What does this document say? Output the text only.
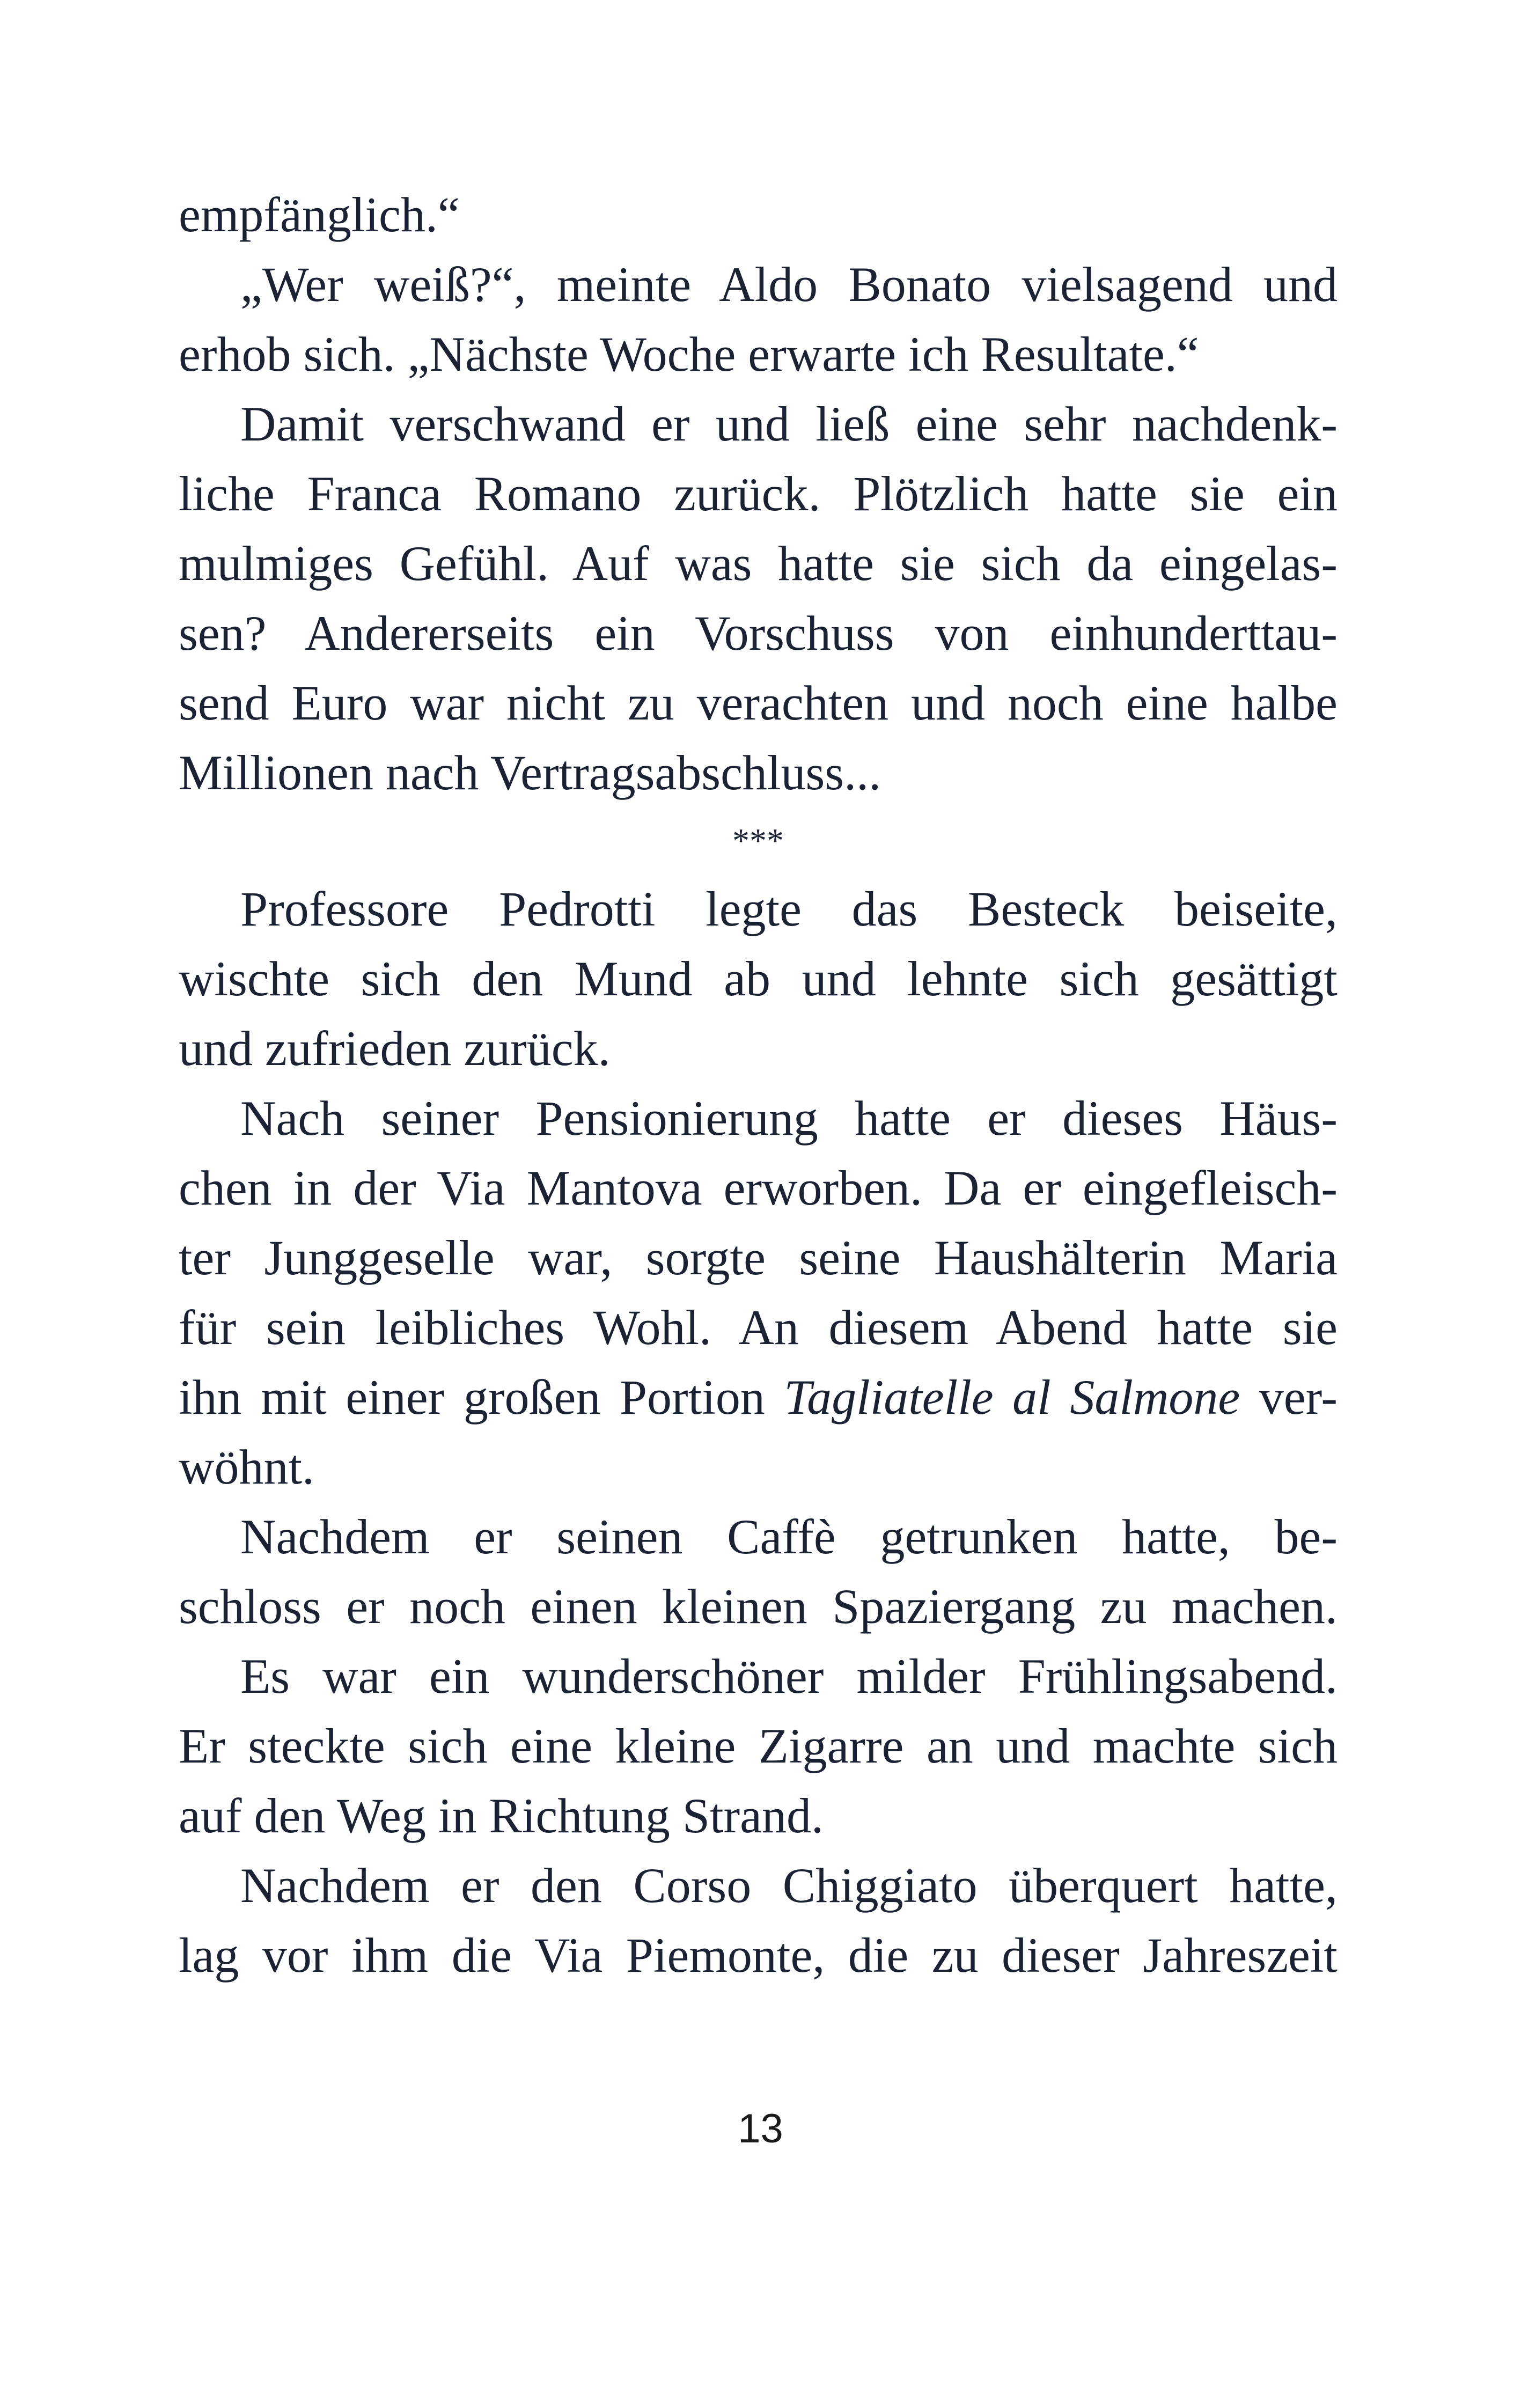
empfänglich.“
„Wer weiß?“, meinte Aldo Bonato vielsagend und
erhob sich. „Nächste Woche erwarte ich Resultate.“
Damit verschwand er und ließ eine sehr nachdenk-
liche Franca Romano zurück. Plötzlich hatte sie ein
mulmiges Gefühl. Auf was hatte sie sich da eingelas-
sen? Andererseits ein Vorschuss von einhunderttau-
send Euro war nicht zu verachten und noch eine halbe
Millionen nach Vertragsabschluss...
***
Professore Pedrotti legte das Besteck beiseite,
wischte sich den Mund ab und lehnte sich gesättigt
und zufrieden zurück.
Nach seiner Pensionierung hatte er dieses Häus-
chen in der Via Mantova erworben. Da er eingefleisch-
ter Junggeselle war, sorgte seine Haushälterin Maria
für sein leibliches Wohl. An diesem Abend hatte sie
ihn mit einer großen Portion Tagliatelle al Salmone ver-
wöhnt.
Nachdem er seinen Caffè getrunken hatte, be-
schloss er noch einen kleinen Spaziergang zu machen.
Es war ein wunderschöner milder Frühlingsabend.
Er steckte sich eine kleine Zigarre an und machte sich
auf den Weg in Richtung Strand.
Nachdem er den Corso Chiggiato überquert hatte,
lag vor ihm die Via Piemonte, die zu dieser Jahreszeit
13
